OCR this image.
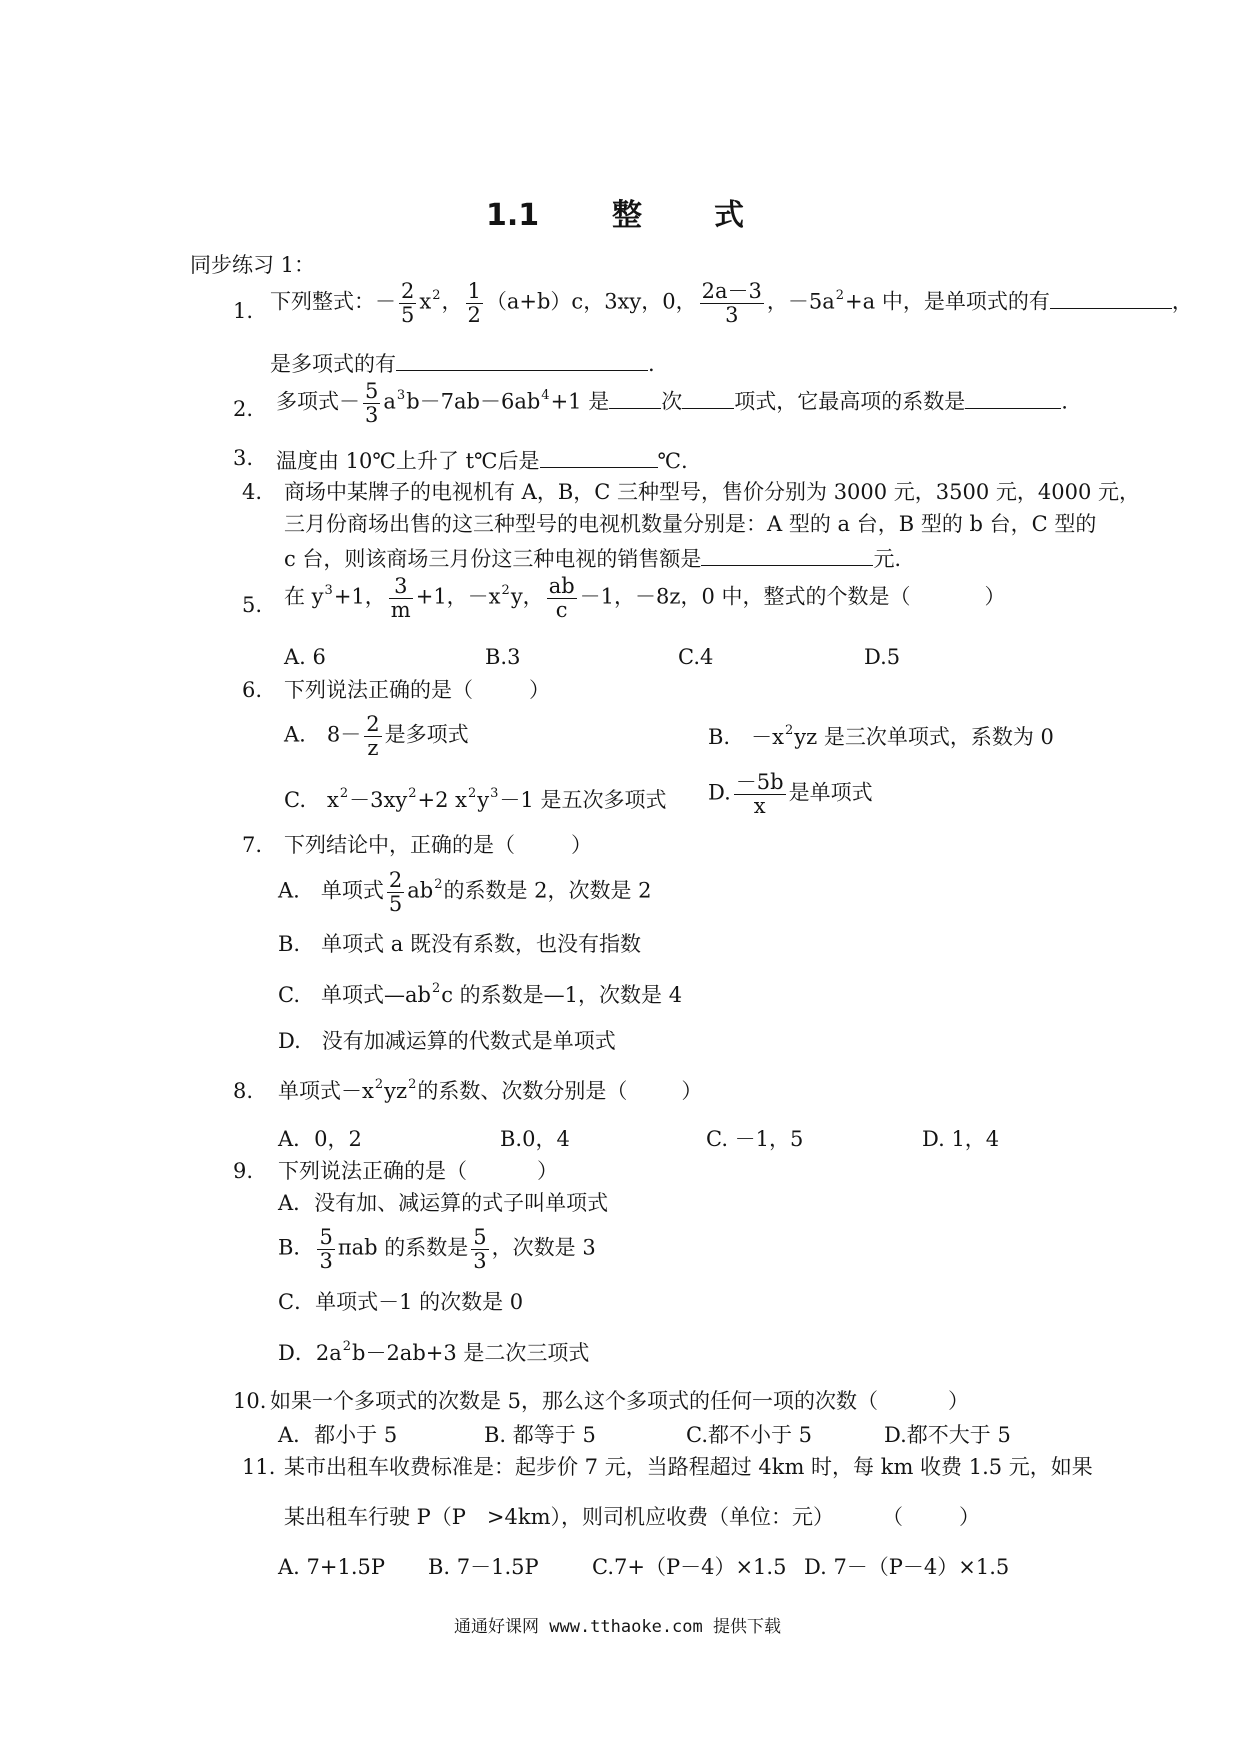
1.1 整 式
同步练习 1：
1. 下列整式：－ $\frac{2}{5} x^2$， $\frac{1}{2} (a+b)c$，3xy，0， $\frac{2a-3}{3}$ ，$-5a^2+a$ 中，是单项式的有	，
是多项式的有	.
2. 多项式－ $\frac{5}{3} a^3b-7ab-6ab^4+1$ 是 次 项式，它最高项的系数是	.
3. 温度由 10℃上升了 t℃后是	℃.
4. 商场中某牌子的电视机有 A，B，C 三种型号，售价分别为 3000 元，3500 元，4000 元，
三月份商场出售的这三种型号的电视机数量分别是：A 型的 a 台，B 型的 b 台，C 型的
c 台，则该商场三月份这三种电视的销售额是	元.
5. 在 $y^3+1$， $\frac{3}{m} +1$，$-x^2y$， $\frac{ab}{c} -1$，－8z，0 中，整式的个数是（	）
A. 6	B.3	C.4	D.5
6. 下列说法正确的是（	）
A.　$8- \frac{2}{z}$ 是多项式	B.　$-x^2yz$ 是三次单项式，系数为 0
C.　$x^2-3xy^2+2$ $x^2y^3-1$ 是五次多项式 D. $\frac{-5b}{x}$ 是单项式
7. 下列结论中，正确的是（	）
A.　单项式 $\frac{2}{5} ab^2$的系数是 2，次数是 2
B.　单项式 a 既没有系数，也没有指数
C.　单项式$—ab^2c$ 的系数是—1，次数是 4
D.　没有加减运算的代数式是单项式
8. 单项式$-x^2yz^2$的系数、次数分别是（	）
A．0，2	B.0，4	C. －1，5	D. 1，4
9. 下列说法正确的是（	）
A．没有加、减运算的式子叫单项式
B． $\frac{5}{3}$ πab 的系数是 $\frac{5}{3}$ ，次数是 3
C．单项式－1 的次数是 0
D．$2a^2b-2ab+3$ 是二次三项式
10. 如果一个多项式的次数是 5，那么这个多项式的任何一项的次数（	）
A．都小于 5	B. 都等于 5	C.都不小于 5	D.都不大于 5
11. 某市出租车收费标准是：起步价 7 元，当路程超过 4km 时，每 km 收费 1.5 元，如果
某出租车行驶 P（P　>4km），则司机应收费（单位：元） （	）
A. 7+1.5P B. 7－1.5P	C.7+（P－4）×1.5 D. 7－（P－4）×1.5
通通好课网 www.tthaoke.com 提供下载
